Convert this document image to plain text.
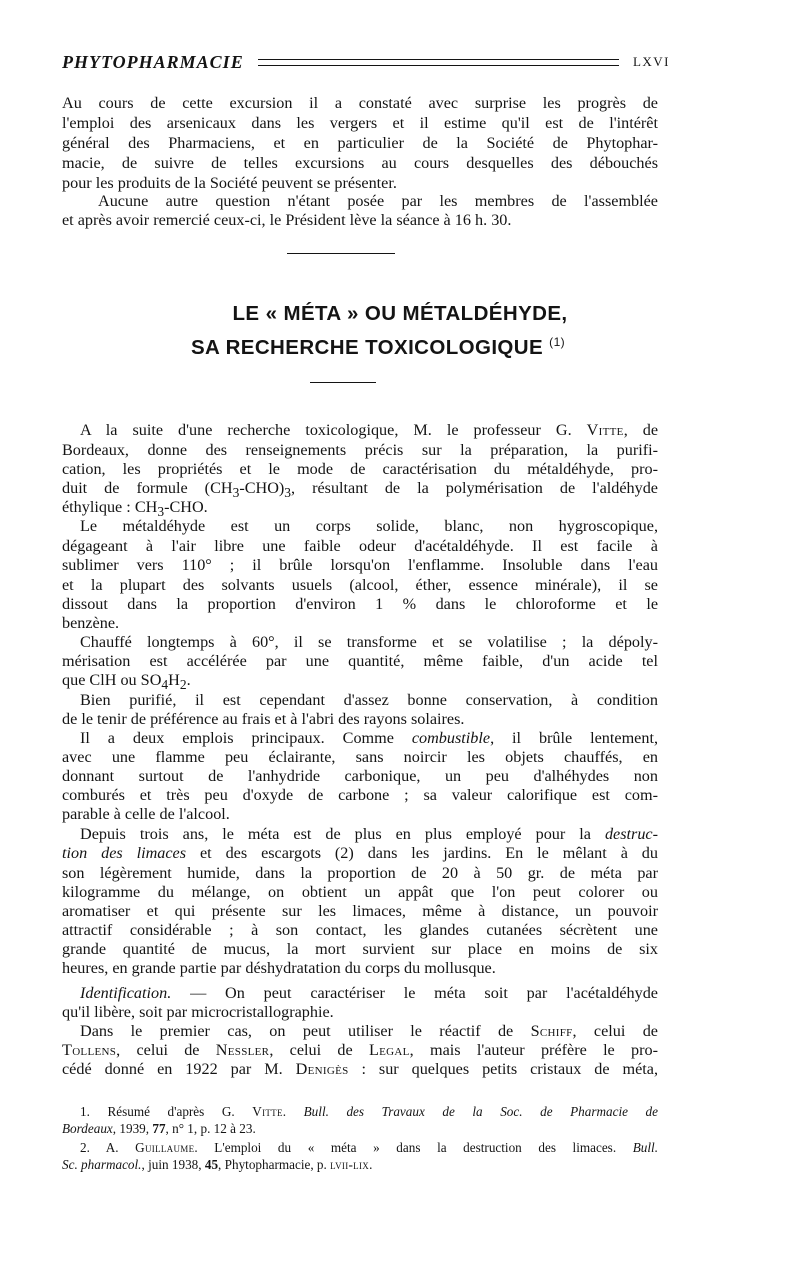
PHYTOPHARMACIE	LXVI

Au cours de cette excursion il a constaté avec surprise les progrès de

l'emploi des arsenicaux dans les vergers et il estime qu'il est de l'intérêt

général des Pharmaciens, et en particulier de la Société de Phytophar-

macie, de suivre de telles excursions au cours desquelles des débouchés

pour les produits de la Société peuvent se présenter.

Aucune autre question n'étant posée par les membres de l'assemblée

et après avoir remercié ceux-ci, le Président lève la séance à 16 h. 30.

LE « MÉTA » OU MÉTALDÉHYDE,
SA RECHERCHE TOXICOLOGIQUE $^{(1)}$

A la suite d'une recherche toxicologique, M. le professeur G. Vitte, de

Bordeaux, donne des renseignements précis sur la préparation, la purifi-

cation, les propriétés et le mode de caractérisation du métaldéhyde, pro-

duit de formule $(CH_3-CHO)_3$, résultant de la polymérisation de l'aldéhyde

éthylique : $CH_3$-CHO.

Le métaldéhyde est un corps solide, blanc, non hygroscopique,

dégageant à l'air libre une faible odeur d'acétaldéhyde. Il est facile à

sublimer vers 110° ; il brûle lorsqu'on l'enflamme. Insoluble dans l'eau

et la plupart des solvants usuels (alcool, éther, essence minérale), il se

dissout dans la proportion d'environ 1 % dans le chloroforme et le

benzène.

Chauffé longtemps à 60°, il se transforme et se volatilise ; la dépoly-

mérisation est accélérée par une quantité, même faible, d'un acide tel

que ClH ou $SO_4H_2$.

Bien purifié, il est cependant d'assez bonne conservation, à condition

de le tenir de préférence au frais et à l'abri des rayons solaires.

Il a deux emplois principaux. Comme combustible, il brûle lentement,

avec une flamme peu éclairante, sans noircir les objets chauffés, en

donnant surtout de l'anhydride carbonique, un peu d'alhéhydes non

comburés et très peu d'oxyde de carbone ; sa valeur calorifique est com-

parable à celle de l'alcool.

Depuis trois ans, le méta est de plus en plus employé pour la destruc-

tion des limaces et des escargots (2) dans les jardins. En le mêlant à du

son légèrement humide, dans la proportion de 20 à 50 gr. de méta par

kilogramme du mélange, on obtient un appât que l'on peut colorer ou

aromatiser et qui présente sur les limaces, même à distance, un pouvoir

attractif considérable ; à son contact, les glandes cutanées sécrètent une

grande quantité de mucus, la mort survient sur place en moins de six

heures, en grande partie par déshydratation du corps du mollusque.

Identification. — On peut caractériser le méta soit par l'acétaldéhyde

qu'il libère, soit par microcristallographie.

Dans le premier cas, on peut utiliser le réactif de Schiff, celui de

Tollens, celui de Nessler, celui de Legal, mais l'auteur préfère le pro-

cédé donné en 1922 par M. Denigès : sur quelques petits cristaux de méta,

1. Résumé d'après G. Vitte. Bull. des Travaux de la Soc. de Pharmacie de

Bordeaux, 1939, 77, n° 1, p. 12 à 23.

2. A. Guillaume. L'emploi du « méta » dans la destruction des limaces. Bull.

Sc. pharmacol., juin 1938, 45, Phytopharmacie, p. lvii-lix.
